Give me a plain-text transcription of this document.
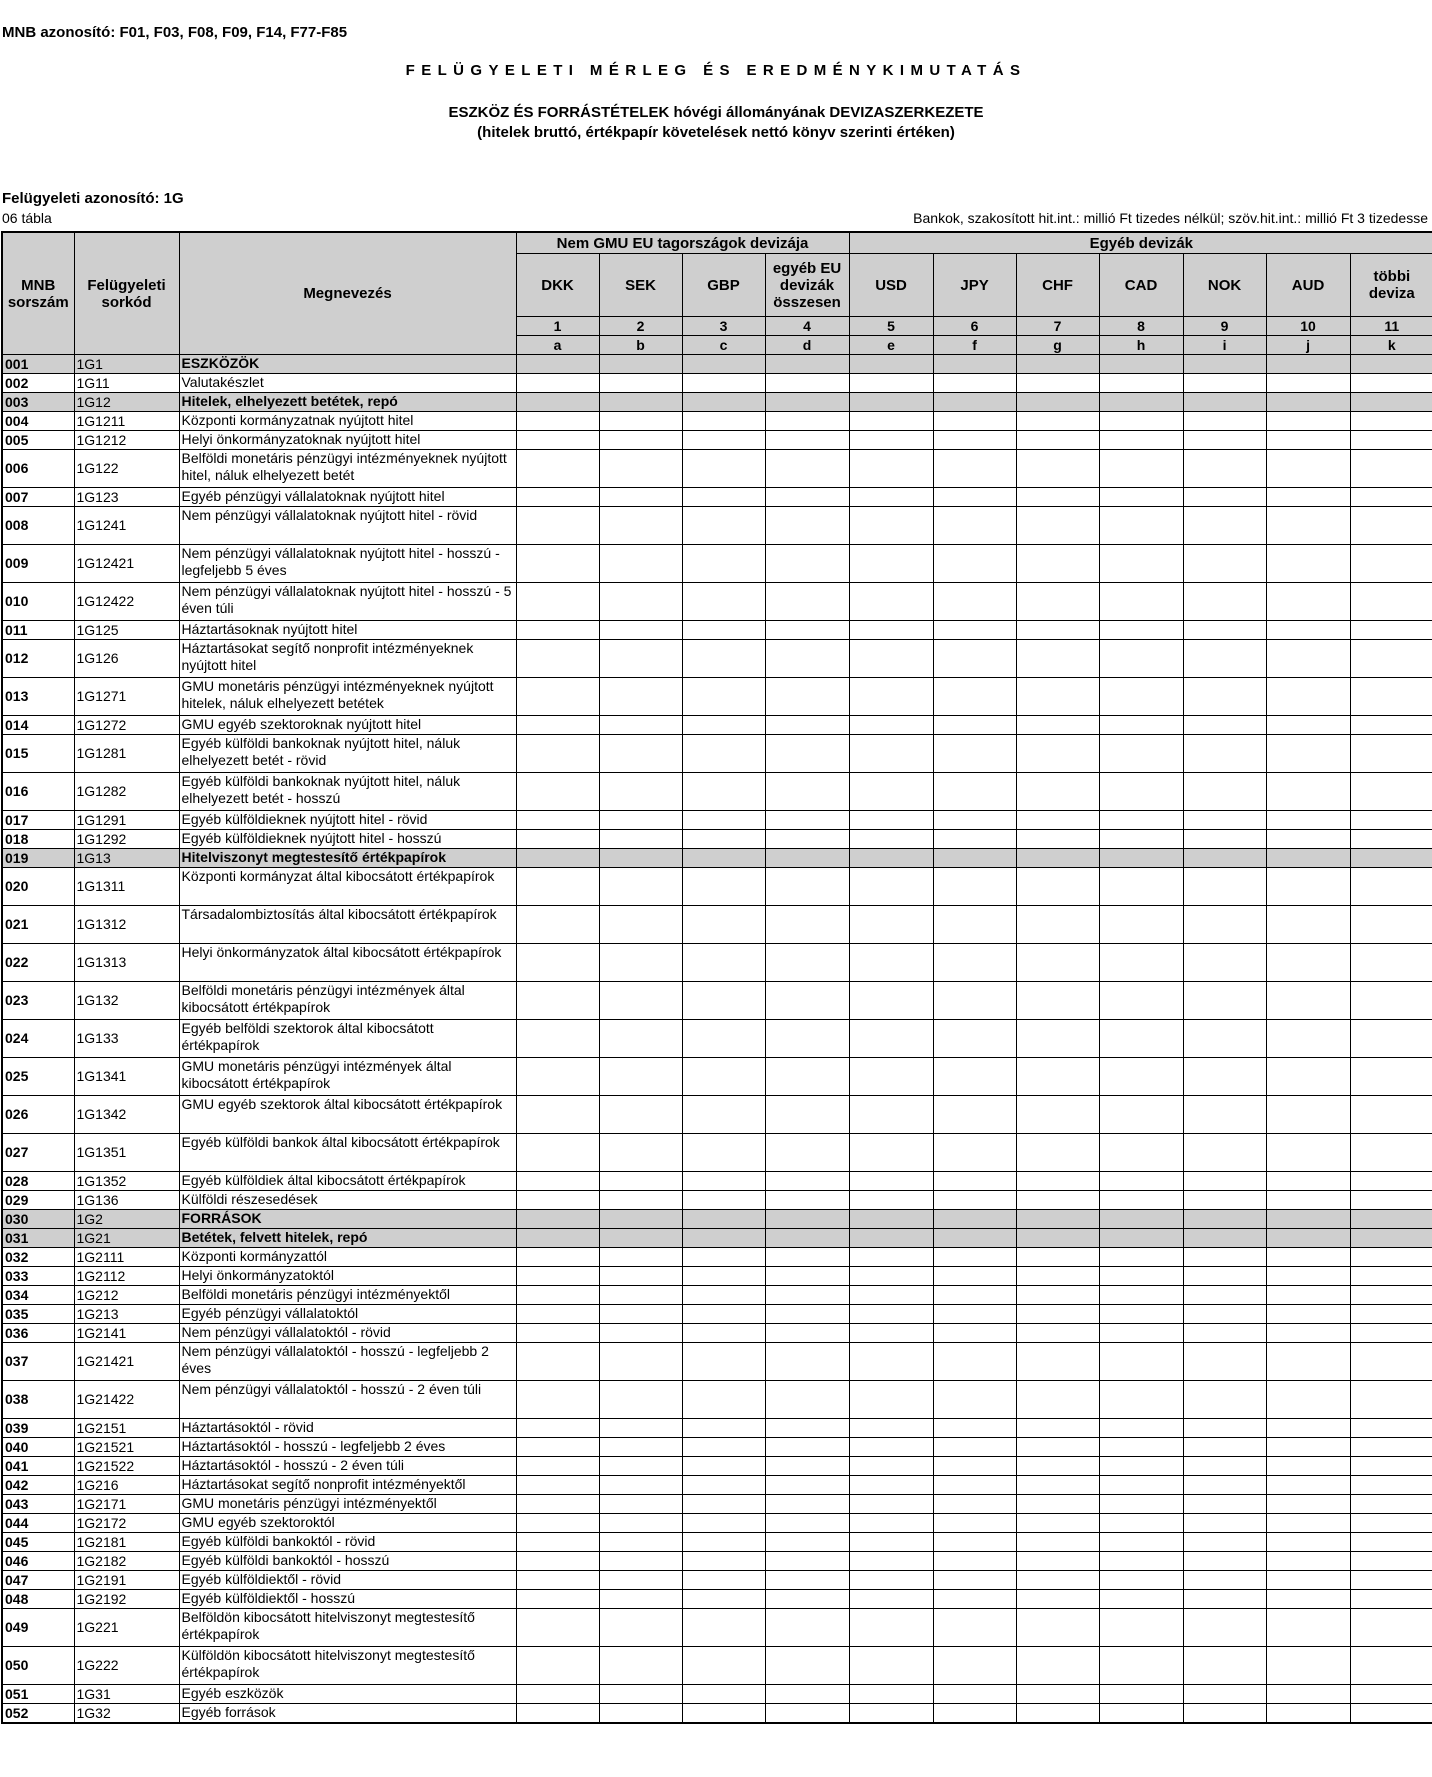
MNB azonosító: F01, F03, F08, F09, F14, F77-F85
FELÜGYELETI MÉRLEG ÉS EREDMÉNYKIMUTATÁS
ESZKÖZ ÉS FORRÁSTÉTELEK hóvégi állományának DEVIZASZERKEZETE
(hitelek bruttó, értékpapír követelések nettó könyv szerinti értéken)
Felügyeleti azonosító: 1G
06 tábla	Bankok, szakosított hit.int.: millió Ft tizedes nélkül; szöv.hit.int.: millió Ft 3 tizedesse
MNB sorszám	Felügyeleti sorkód	Megnevezés	Nem GMU EU tagországok devizája				Egyéb devizák						
			DKK	SEK	GBP	egyéb EU devizák összesen	USD	JPY	CHF	CAD	NOK	AUD	többi deviza
			1	2	3	4	5	6	7	8	9	10	11
			a	b	c	d	e	f	g	h	i	j	k
001	1G1	ESZKÖZÖK											
002	1G11	Valutakészlet											
003	1G12	Hitelek, elhelyezett betétek, repó											
004	1G1211	Központi kormányzatnak nyújtott hitel											
005	1G1212	Helyi önkormányzatoknak nyújtott hitel											
006	1G122	Belföldi monetáris pénzügyi intézményeknek nyújtott hitel, náluk elhelyezett betét											
007	1G123	Egyéb pénzügyi vállalatoknak nyújtott hitel											
008	1G1241	Nem pénzügyi vállalatoknak nyújtott hitel - rövid											
009	1G12421	Nem pénzügyi vállalatoknak nyújtott hitel - hosszú - legfeljebb 5 éves											
010	1G12422	Nem pénzügyi vállalatoknak nyújtott hitel - hosszú - 5 éven túli											
011	1G125	Háztartásoknak nyújtott hitel											
012	1G126	Háztartásokat segítő nonprofit intézményeknek nyújtott hitel											
013	1G1271	GMU monetáris pénzügyi intézményeknek nyújtott hitelek, náluk elhelyezett betétek											
014	1G1272	GMU egyéb szektoroknak nyújtott hitel											
015	1G1281	Egyéb külföldi bankoknak nyújtott hitel, náluk elhelyezett betét - rövid											
016	1G1282	Egyéb külföldi bankoknak nyújtott hitel, náluk elhelyezett betét - hosszú											
017	1G1291	Egyéb külföldieknek nyújtott hitel - rövid											
018	1G1292	Egyéb külföldieknek nyújtott hitel - hosszú											
019	1G13	Hitelviszonyt megtestesítő értékpapírok											
020	1G1311	Központi kormányzat által kibocsátott értékpapírok											
021	1G1312	Társadalombiztosítás által kibocsátott értékpapírok											
022	1G1313	Helyi önkormányzatok által kibocsátott értékpapírok											
023	1G132	Belföldi monetáris pénzügyi intézmények által kibocsátott értékpapírok											
024	1G133	Egyéb belföldi szektorok által kibocsátott értékpapírok											
025	1G1341	GMU monetáris pénzügyi intézmények által kibocsátott értékpapírok											
026	1G1342	GMU egyéb szektorok által kibocsátott értékpapírok											
027	1G1351	Egyéb külföldi bankok által kibocsátott értékpapírok											
028	1G1352	Egyéb külföldiek által kibocsátott értékpapírok											
029	1G136	Külföldi részesedések											
030	1G2	FORRÁSOK											
031	1G21	Betétek, felvett hitelek, repó											
032	1G2111	Központi kormányzattól											
033	1G2112	Helyi önkormányzatoktól											
034	1G212	Belföldi monetáris pénzügyi intézményektől											
035	1G213	Egyéb pénzügyi vállalatoktól											
036	1G2141	Nem pénzügyi vállalatoktól - rövid											
037	1G21421	Nem pénzügyi vállalatoktól - hosszú - legfeljebb 2 éves											
038	1G21422	Nem pénzügyi vállalatoktól - hosszú - 2 éven túli											
039	1G2151	Háztartásoktól - rövid											
040	1G21521	Háztartásoktól - hosszú - legfeljebb 2 éves											
041	1G21522	Háztartásoktól - hosszú - 2 éven túli											
042	1G216	Háztartásokat segítő nonprofit intézményektől											
043	1G2171	GMU monetáris pénzügyi intézményektől											
044	1G2172	GMU egyéb szektoroktól											
045	1G2181	Egyéb külföldi bankoktól - rövid											
046	1G2182	Egyéb külföldi bankoktól - hosszú											
047	1G2191	Egyéb külföldiektől - rövid											
048	1G2192	Egyéb külföldiektől - hosszú											
049	1G221	Belföldön kibocsátott hitelviszonyt megtestesítő értékpapírok											
050	1G222	Külföldön kibocsátott hitelviszonyt megtestesítő értékpapírok											
051	1G31	Egyéb eszközök											
052	1G32	Egyéb források											
